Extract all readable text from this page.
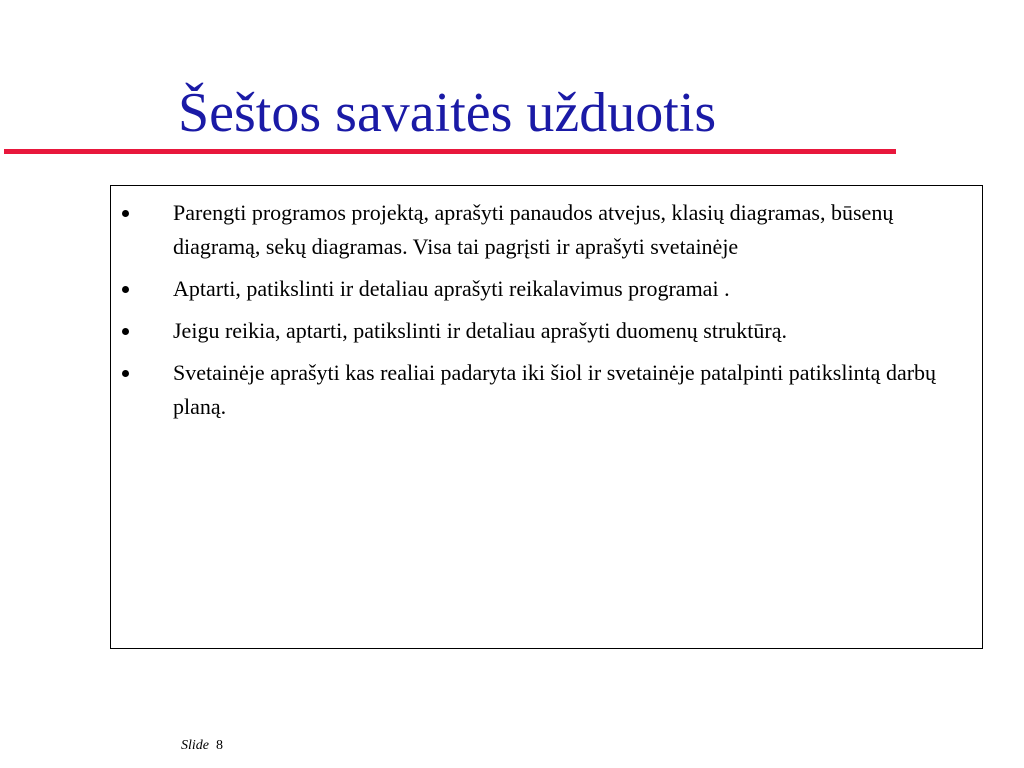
Šeštos savaitės užduotis
Parengti programos projektą, aprašyti panaudos atvejus, klasių diagramas, būsenų diagramą, sekų diagramas. Visa tai pagrįsti ir aprašyti svetainėje
Aptarti, patikslinti ir detaliau aprašyti reikalavimus programai .
Jeigu reikia, aptarti, patikslinti ir detaliau aprašyti duomenų struktūrą.
Svetainėje aprašyti kas realiai padaryta iki šiol ir svetainėje patalpinti patikslintą darbų planą.
Slide 8
